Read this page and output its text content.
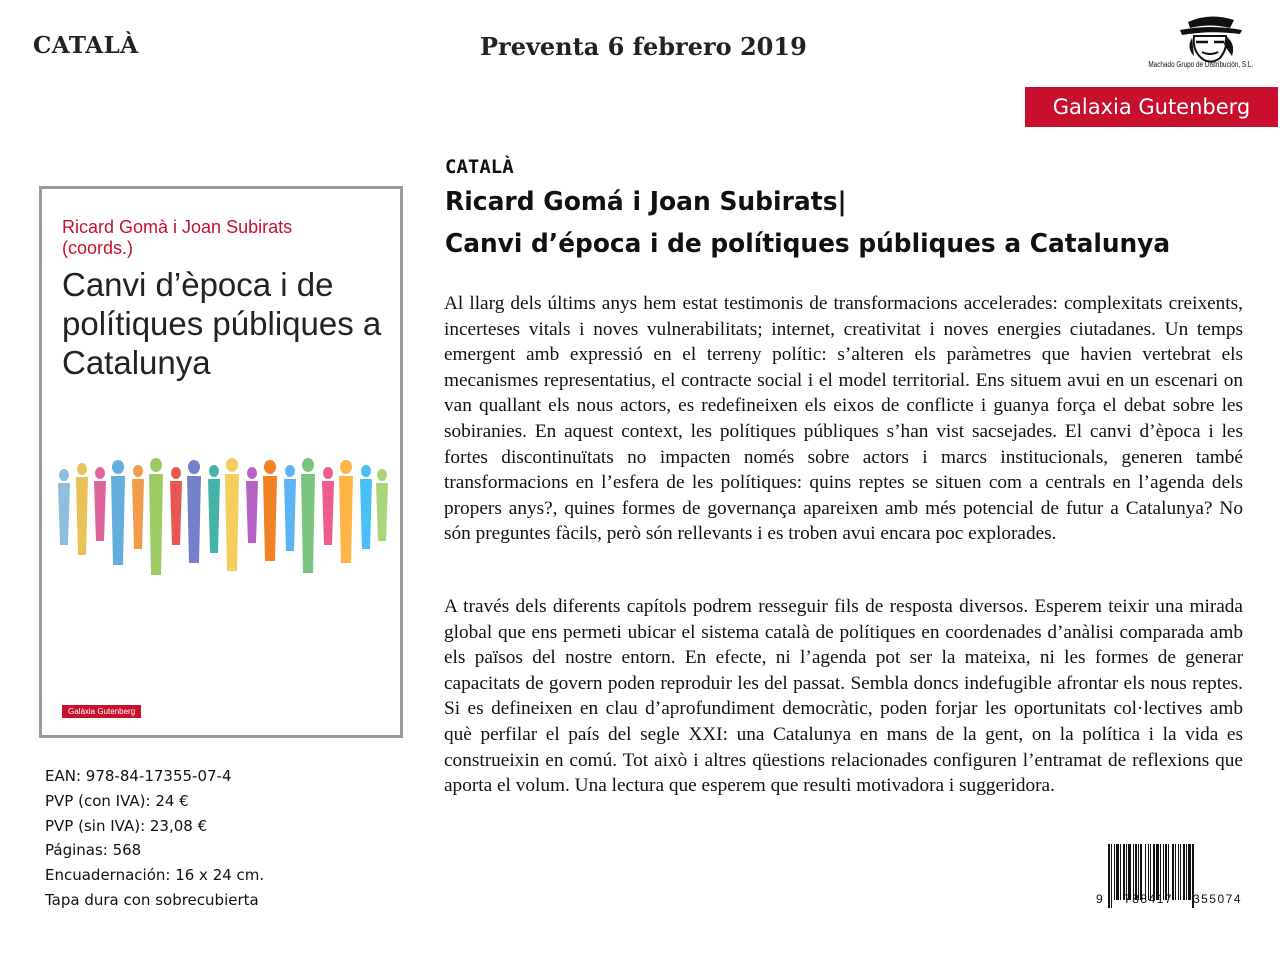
CATALÀ	Preventa 6 febrero 2019
Machado Grupo de Distribución, S.L.
Galaxia Gutenberg
Ricard Gomà i Joan Subirats
(coords.)
Canvi d’època i de polítiques públiques a Catalunya
Galàxia Gutenberg
EAN: 978-84-17355-07-4
PVP (con IVA): 24 €
PVP (sin IVA): 23,08 €
Páginas: 568
Encuadernación: 16 x 24 cm.
Tapa dura con sobrecubierta
CATALÀ
Ricard Gomá i Joan Subirats|
Canvi d’época i de polítiques públiques a Catalunya

Al llarg dels últims anys hem estat testimonis de transformacions accelerades: complexitats creixents, incerteses vitals i noves vulnerabilitats; internet, creativitat i noves energies ciutadanes. Un temps emergent amb expressió en el terreny polític: s’alteren els paràmetres que havien vertebrat els mecanismes representatius, el contracte social i el model territorial. Ens situem avui en un escenari on van quallant els nous actors, es redefineixen els eixos de conflicte i guanya força el debat sobre les sobiranies. En aquest context, les polítiques públiques s’han vist sacsejades. El canvi d’època i les fortes discontinuïtats no impacten només sobre actors i marcs institucionals, generen també transformacions en l’esfera de les polítiques: quins reptes se situen com a centrals en l’agenda dels propers anys?, quines formes de governança apareixen amb més potencial de futur a Catalunya? No són preguntes fàcils, però són rellevants i es troben avui encara poc explorades.

A través dels diferents capítols podrem resseguir fils de resposta diversos. Esperem teixir una mirada global que ens permeti ubicar el sistema català de polítiques en coordenades d’anàlisi comparada amb els països del nostre entorn. En efecte, ni l’agenda pot ser la mateixa, ni les formes de generar capacitats de govern poden reproduir les del passat. Sembla doncs indefugible afrontar els nous reptes. Si es defineixen en clau d’aprofundiment democràtic, poden forjar les oportunitats col·lectives amb què perfilar el país del segle XXI: una Catalunya en mans de la gent, on la política i la vida es construeixin en comú. Tot això i altres qüestions relacionades configuren l’entramat de reflexions que aporta el volum. Una lectura que esperem que resulti motivadora i suggeridora.

9 788417 355074
